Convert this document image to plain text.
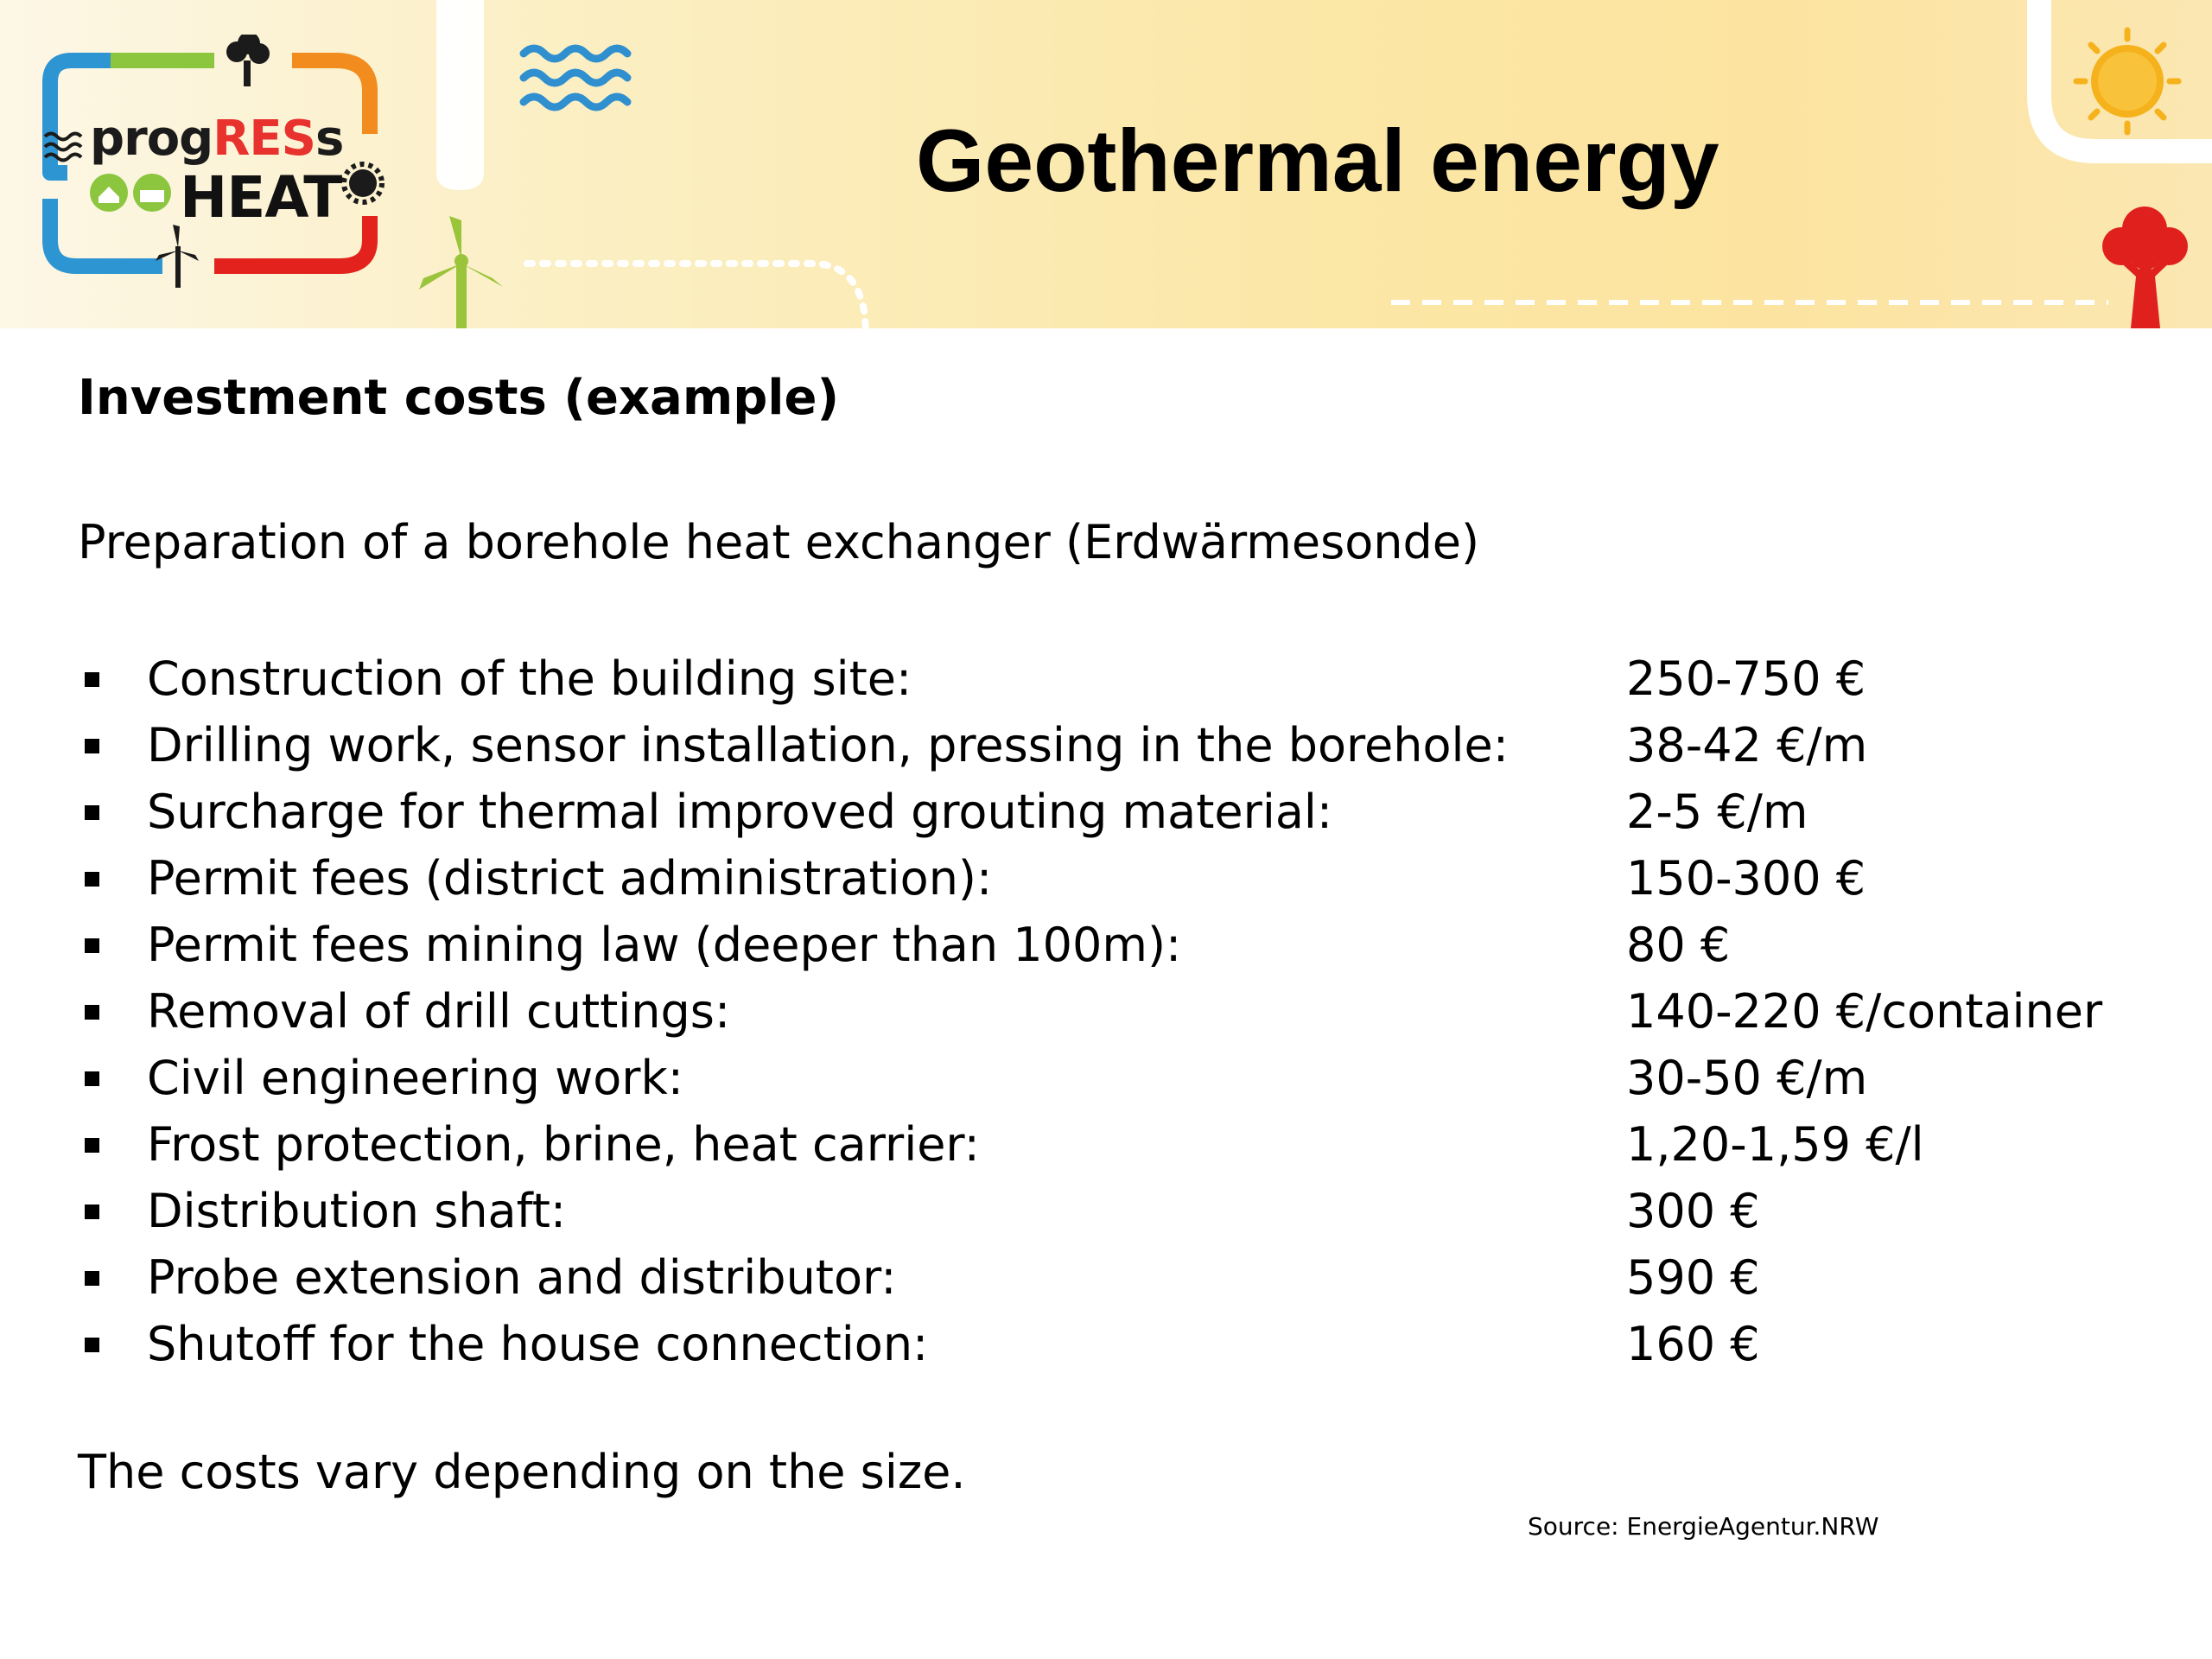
progRESs
HEAT	Geothermal energy
Investment costs (example)
Preparation of a borehole heat exchanger (Erdwärmesonde)
Construction of the building site:	250-750 €
Drilling work, sensor installation, pressing in the borehole:	38-42 €/m
Surcharge for thermal improved grouting material:	2-5 €/m
Permit fees (district administration):	150-300 €
Permit fees mining law (deeper than 100m):	80 €
Removal of drill cuttings:	140-220 €/container
Civil engineering work:	30-50 €/m
Frost protection, brine, heat carrier:	1,20-1,59 €/l
Distribution shaft:	300 €
Probe extension and distributor:	590 €
Shutoff for the house connection:	160 €
The costs vary depending on the size.
Source: EnergieAgentur.NRW
